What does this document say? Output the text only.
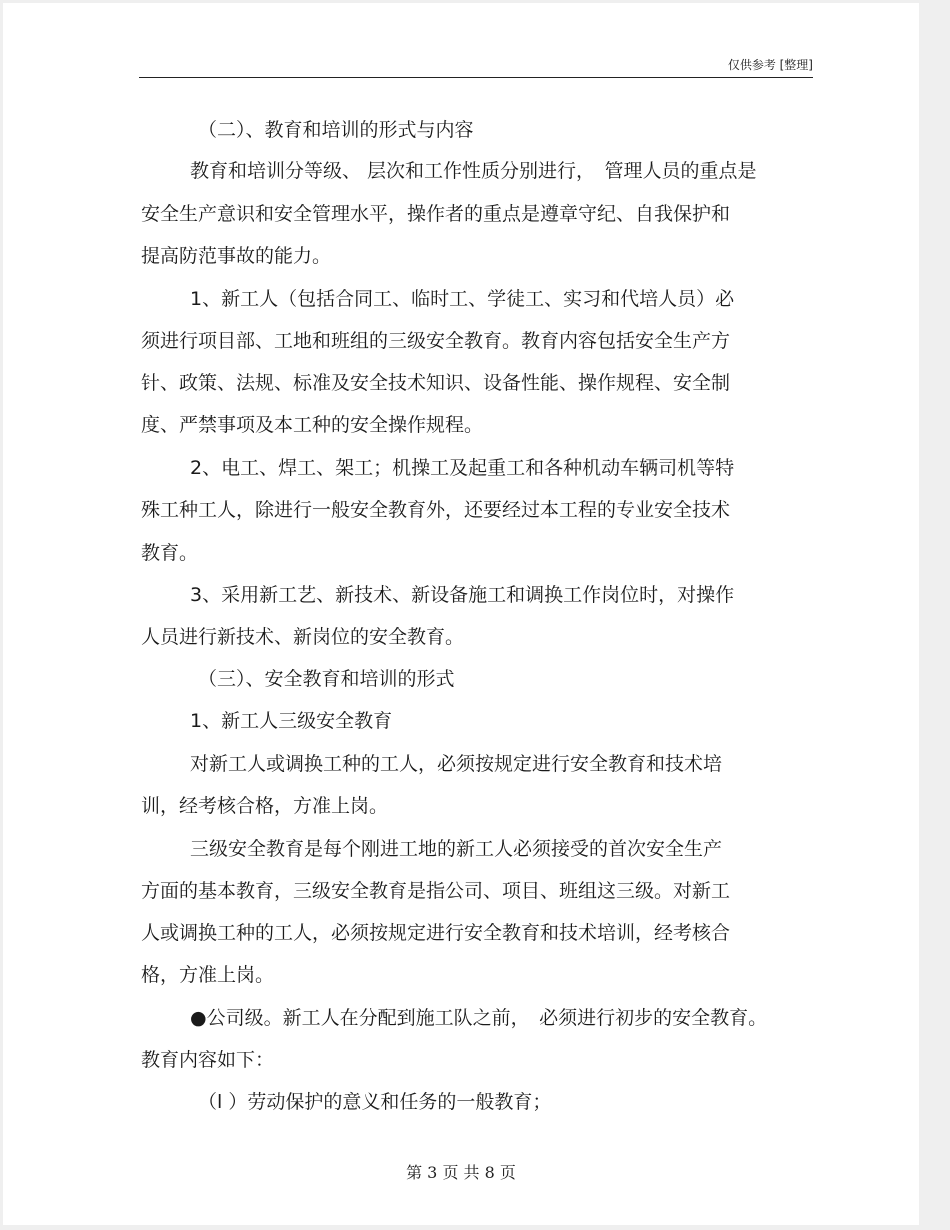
仅供参考 [整理]
（二）、教育和培训的形式与内容
教育和培训分等级、 层次和工作性质分别进行，　管理人员的重点是
安全生产意识和安全管理水平，操作者的重点是遵章守纪、自我保护和
提高防范事故的能力。
1、新工人（包括合同工、临时工、学徒工、实习和代培人员）必
须进行项目部、工地和班组的三级安全教育。教育内容包括安全生产方
针、政策、法规、标准及安全技术知识、设备性能、操作规程、安全制
度、严禁事项及本工种的安全操作规程。
2、电工、焊工、架工；机操工及起重工和各种机动车辆司机等特
殊工种工人，除进行一般安全教育外，还要经过本工程的专业安全技术
教育。
3、采用新工艺、新技术、新设备施工和调换工作岗位时，对操作
人员进行新技术、新岗位的安全教育。
（三）、安全教育和培训的形式
1、新工人三级安全教育
对新工人或调换工种的工人，必须按规定进行安全教育和技术培
训，经考核合格，方准上岗。
三级安全教育是每个刚进工地的新工人必须接受的首次安全生产
方面的基本教育，三级安全教育是指公司、项目、班组这三级。对新工
人或调换工种的工人，必须按规定进行安全教育和技术培训，经考核合
格，方准上岗。
●公司级。新工人在分配到施工队之前，　必须进行初步的安全教育。
教育内容如下：
（l ）劳动保护的意义和任务的一般教育；
第 3 页 共 8 页
